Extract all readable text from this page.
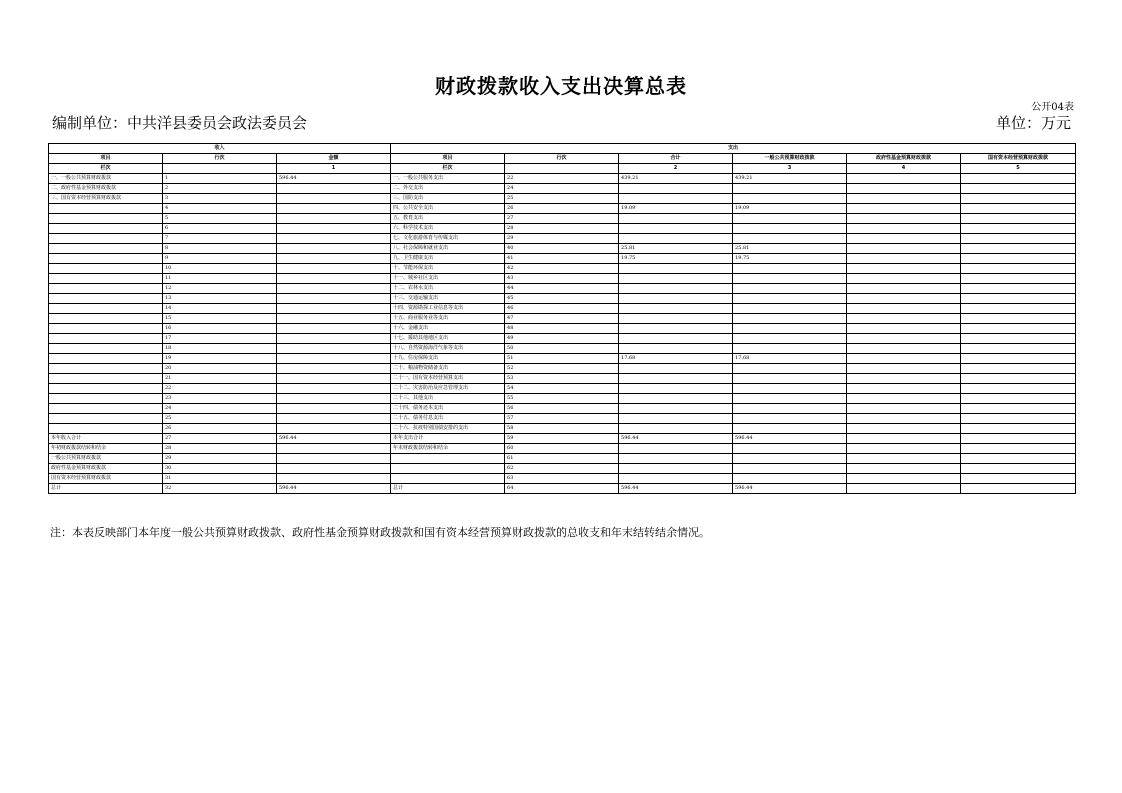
财政拨款收入支出决算总表
公开04表
编制单位：中共洋县委员会政法委员会	单位：万元
收入			支出					
项目	行次	金额	项目	行次	合计	一般公共预算财政拨款	政府性基金预算财政拨款	国有资本经营预算财政拨款
栏次		1	栏次		2	3	4	5
一、一般公共预算财政拨款	1	596.44	一、一般公共服务支出	22	439.21	439.21		
二、政府性基金预算财政拨款	2		二、外交支出	24				
三、国有资本经营预算财政拨款	3		三、国防支出	25				
	4		四、公共安全支出	26	19.09	19.09		
	5		五、教育支出	27				
	6		六、科学技术支出	28				
	7		七、文化旅游体育与传媒支出	29				
	8		八、社会保障和就业支出	40	25.81	25.81		
	9		九、卫生健康支出	41	19.75	19.75		
	10		十、节能环保支出	42				
	11		十一、城乡社区支出	43				
	12		十二、农林水支出	44				
	13		十三、交通运输支出	45				
	14		十四、资源勘探工业信息等支出	46				
	15		十五、商业服务业等支出	47				
	16		十六、金融支出	48				
	17		十七、援助其他地区支出	49				
	18		十八、自然资源海洋气象等支出	50				
	19		十九、住房保障支出	51	17.68	17.68		
	20		二十、粮油物资储备支出	52				
	21		二十一、国有资本经营预算支出	53				
	22		二十二、灾害防治及应急管理支出	54				
	23		二十三、其他支出	55				
	24		二十四、债务还本支出	56				
	25		二十五、债务付息支出	57				
	26		二十六、抗疫特别国债安排的支出	58				
本年收入合计	27	596.44	本年支出合计	59	596.44	596.44		
年初财政拨款结转和结余	28		年末财政拨款结转和结余	60				
一般公共预算财政拨款	29			61				
政府性基金预算财政拨款	30			62				
国有资本经营预算财政拨款	31			63				
总计	32	596.44	总计	64	596.44	596.44		
注：本表反映部门本年度一般公共预算财政拨款、政府性基金预算财政拨款和国有资本经营预算财政拨款的总收支和年末结转结余情况。
